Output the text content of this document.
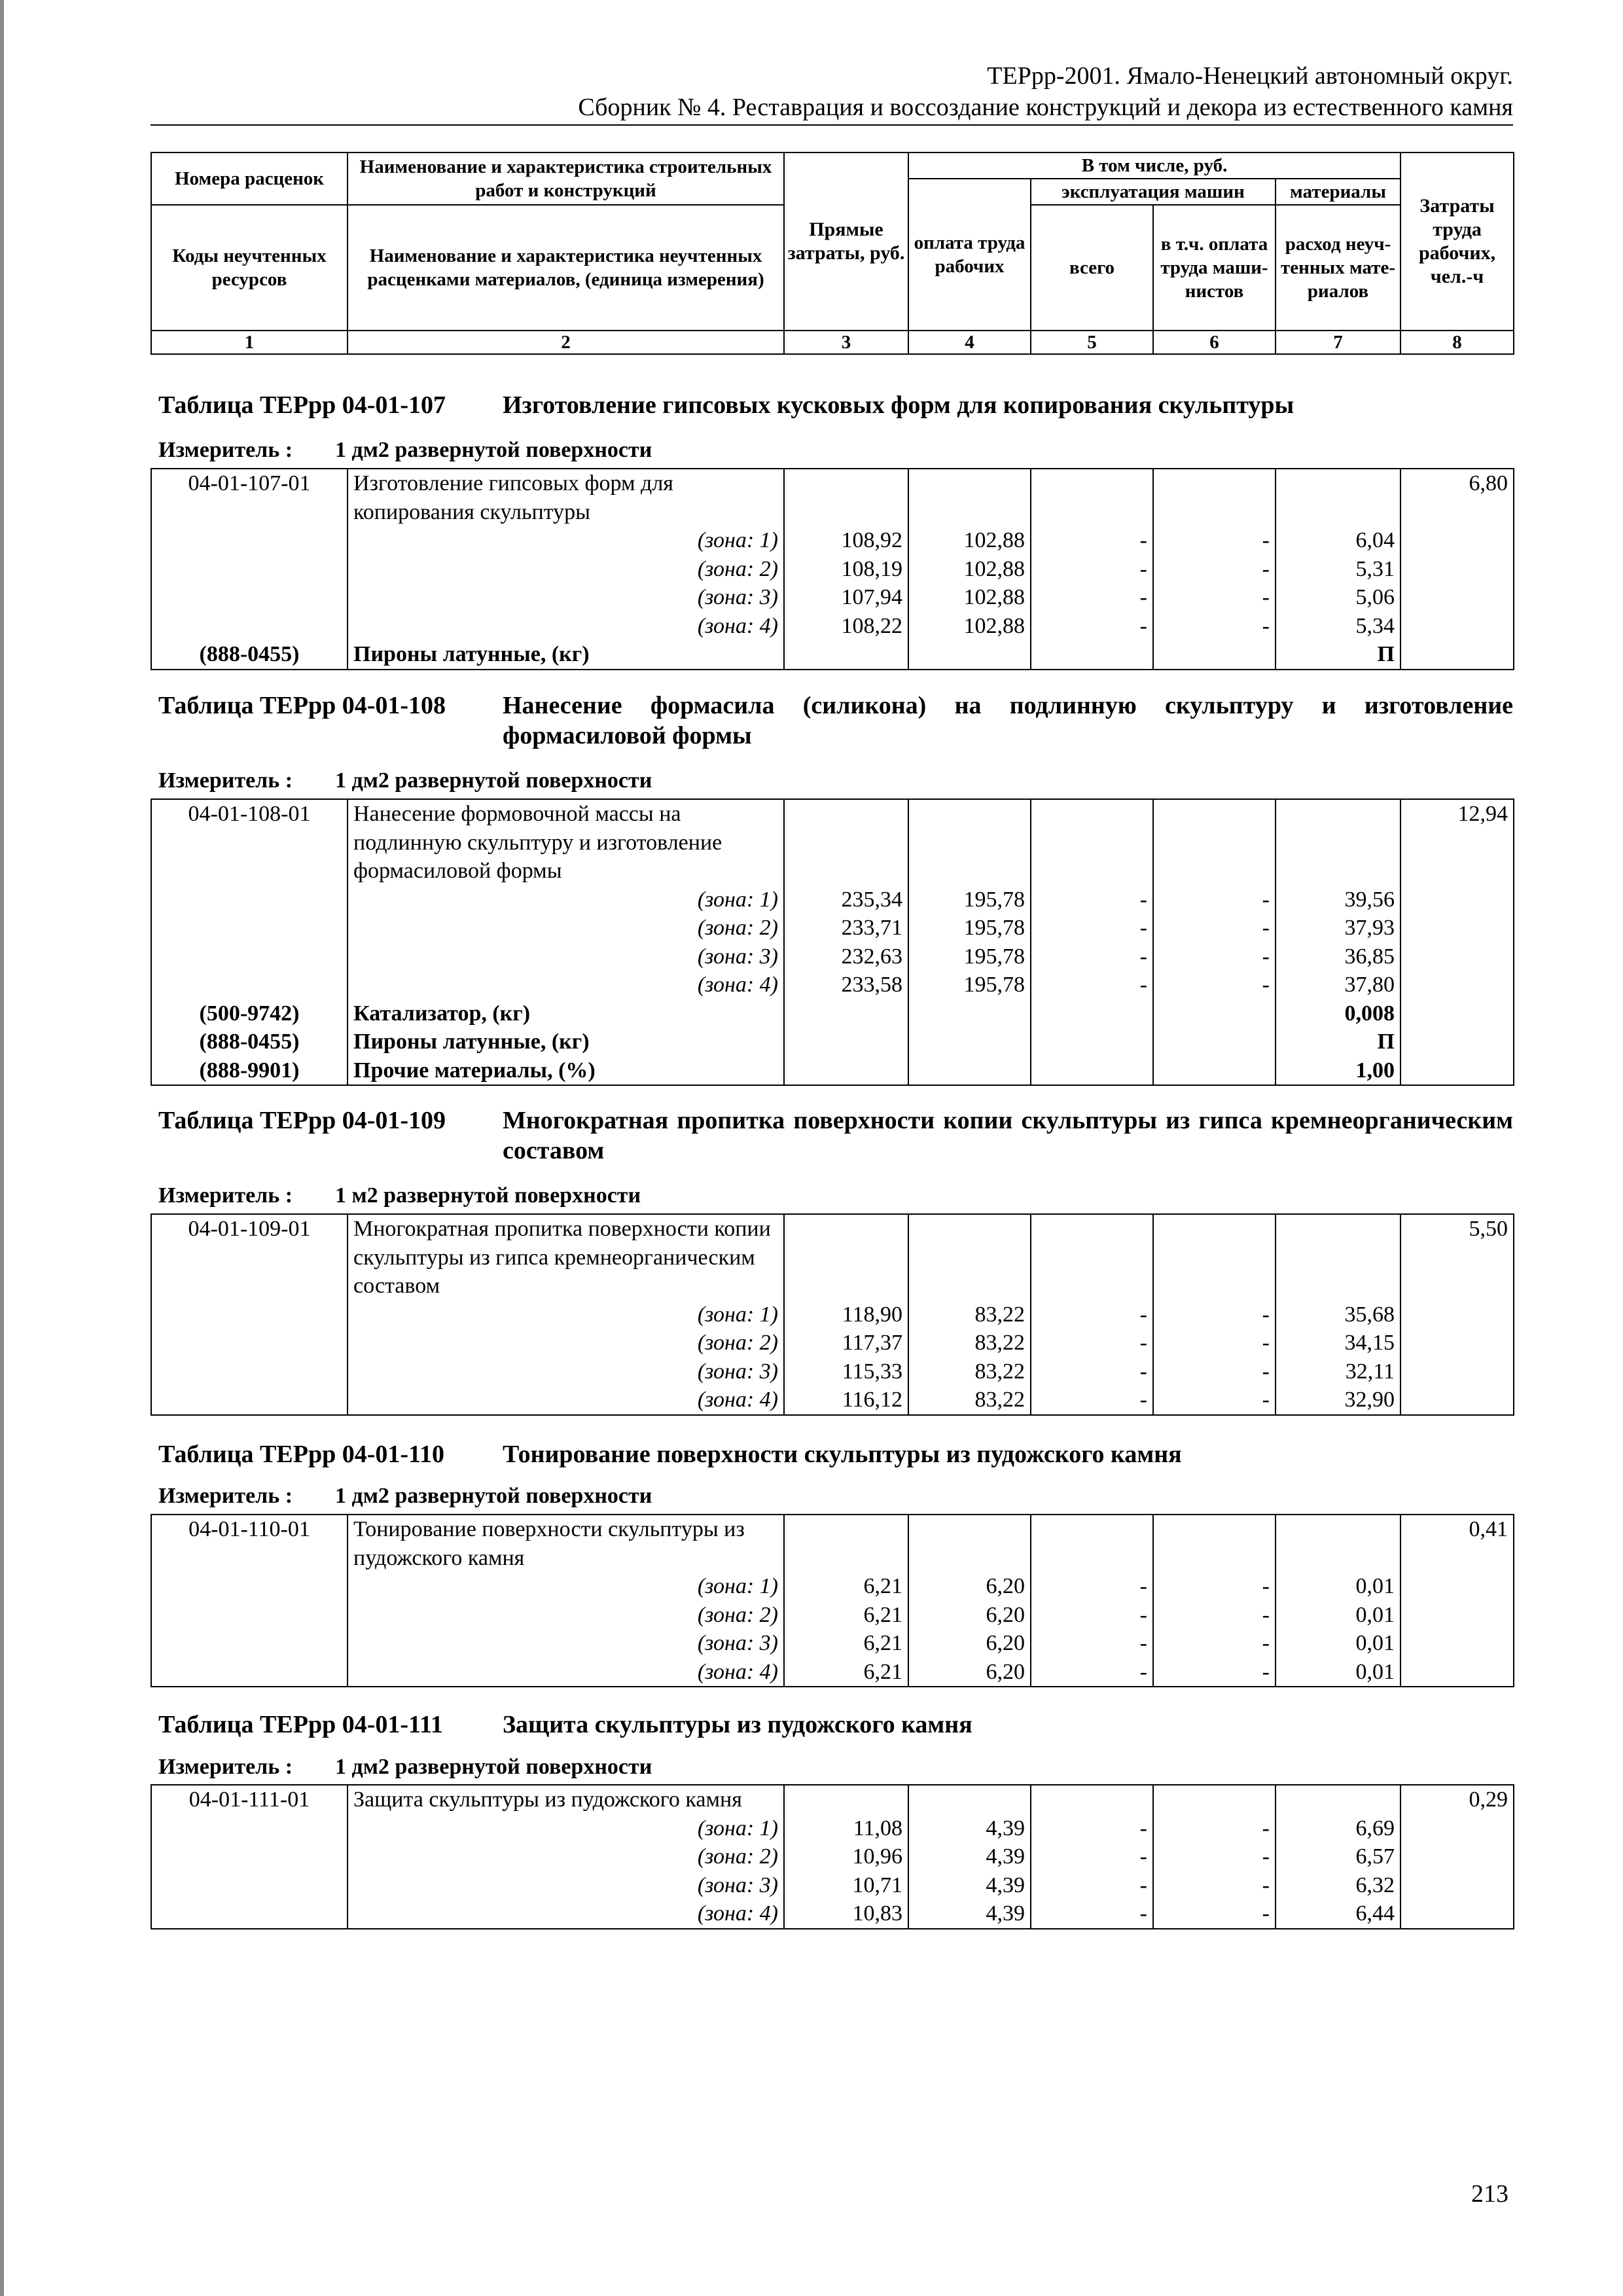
ТЕРрр-2001. Ямало-Ненецкий автономный округ.
Сборник № 4. Реставрация и воссоздание конструкций и декора из естественного камня
Номера расценок	Наименование и характеристика строительных работ и конструкций	Прямые затраты, руб.	В том числе, руб.				Затраты труда рабочих, чел.-ч
			оплата труда рабочих	эксплуатация машин		материалы	
Коды неучтенных ресурсов	Наименование и характеристика неучтенных расценками материалов, (единица измерения)			всего	в т.ч. оплата труда маши- нистов	расход неуч- тенных мате- риалов	

1	2	3	4	5	6	7	8
Таблица ТЕРрр 04-01-107 Изготовление гипсовых кусковых форм для копирования скульптуры
Измеритель : 1 дм2 развернутой поверхности
04-01-107-01	Изготовление гипсовых форм для копирования скульптуры						6,80
	(зона: 1)	108,92	102,88	-	-	6,04	
	(зона: 2)	108,19	102,88	-	-	5,31	
	(зона: 3)	107,94	102,88	-	-	5,06	
	(зона: 4)	108,22	102,88	-	-	5,34	
(888-0455)	Пироны латунные, (кг)					П	
Таблица ТЕРрр 04-01-108 Нанесение формасила (силикона) на подлинную скульптуру и изготовление формасиловой формы
Измеритель : 1 дм2 развернутой поверхности
04-01-108-01	Нанесение формовочной массы на подлинную скульптуру и изготовление формасиловой формы						12,94
	(зона: 1)	235,34	195,78	-	-	39,56	
	(зона: 2)	233,71	195,78	-	-	37,93	
	(зона: 3)	232,63	195,78	-	-	36,85	
	(зона: 4)	233,58	195,78	-	-	37,80	
(500-9742)	Катализатор, (кг)					0,008	
(888-0455)	Пироны латунные, (кг)					П	
(888-9901)	Прочие материалы, (%)					1,00	
Таблица ТЕРрр 04-01-109 Многократная пропитка поверхности копии скульптуры из гипса кремнеорганическим составом
Измеритель : 1 м2 развернутой поверхности
04-01-109-01	Многократная пропитка поверхности копии скульптуры из гипса кремнеорганическим составом						5,50
	(зона: 1)	118,90	83,22	-	-	35,68	
	(зона: 2)	117,37	83,22	-	-	34,15	
	(зона: 3)	115,33	83,22	-	-	32,11	
	(зона: 4)	116,12	83,22	-	-	32,90	
Таблица ТЕРрр 04-01-110 Тонирование поверхности скульптуры из пудожского камня
Измеритель : 1 дм2 развернутой поверхности
04-01-110-01	Тонирование поверхности скульптуры из пудожского камня						0,41
	(зона: 1)	6,21	6,20	-	-	0,01	
	(зона: 2)	6,21	6,20	-	-	0,01	
	(зона: 3)	6,21	6,20	-	-	0,01	
	(зона: 4)	6,21	6,20	-	-	0,01	
Таблица ТЕРрр 04-01-111 Защита скульптуры из пудожского камня
Измеритель : 1 дм2 развернутой поверхности
04-01-111-01	Защита скульптуры из пудожского камня						0,29
	(зона: 1)	11,08	4,39	-	-	6,69	
	(зона: 2)	10,96	4,39	-	-	6,57	
	(зона: 3)	10,71	4,39	-	-	6,32	
	(зона: 4)	10,83	4,39	-	-	6,44	
213
